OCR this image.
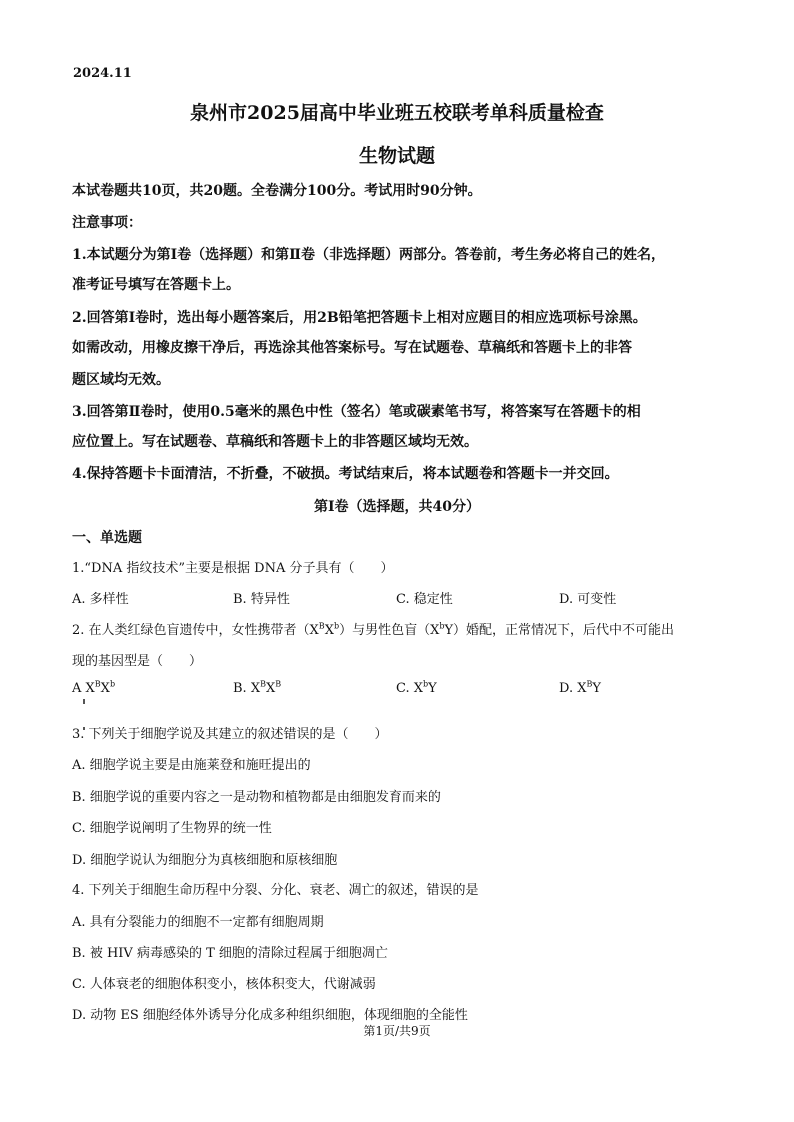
2024.11
泉州市2025届高中毕业班五校联考单科质量检查
生物试题
本试卷题共10页，共20题。全卷满分100分。考试用时90分钟。
注意事项：
1.本试题分为第Ⅰ卷（选择题）和第Ⅱ卷（非选择题）两部分。答卷前，考生务必将自己的姓名，
准考证号填写在答题卡上。
2.回答第Ⅰ卷时，选出每小题答案后，用2B铅笔把答题卡上相对应题目的相应选项标号涂黑。
如需改动，用橡皮擦干净后，再选涂其他答案标号。写在试题卷、草稿纸和答题卡上的非答
题区域均无效。
3.回答第Ⅱ卷时，使用0.5毫米的黑色中性（签名）笔或碳素笔书写，将答案写在答题卡的相
应位置上。写在试题卷、草稿纸和答题卡上的非答题区域均无效。
4.保持答题卡卡面清洁，不折叠，不破损。考试结束后，将本试题卷和答题卡一并交回。
第Ⅰ卷（选择题，共40分）
一、单选题
1.“DNA 指纹技术”主要是根据 DNA 分子具有（　　）
A. 多样性	B. 特异性	C. 稳定性	D. 可变性
2. 在人类红绿色盲遗传中，女性携带者$(X^BX^b)$与男性色盲$(X^bY)$婚配，正常情况下，后代中不可能出
现的基因型是（　　）
A $X^BX^b$	B. $X^BX^B$	C. $X^bY$	D. $X^BY$
3. 下列关于细胞学说及其建立的叙述错误的是（　　）
A. 细胞学说主要是由施莱登和施旺提出的
B. 细胞学说的重要内容之一是动物和植物都是由细胞发育而来的
C. 细胞学说阐明了生物界的统一性
D. 细胞学说认为细胞分为真核细胞和原核细胞
4. 下列关于细胞生命历程中分裂、分化、衰老、凋亡的叙述，错误的是
A. 具有分裂能力的细胞不一定都有细胞周期
B. 被 HIV 病毒感染的 T 细胞的清除过程属于细胞凋亡
C. 人体衰老的细胞体积变小，核体积变大，代谢减弱
D. 动物 ES 细胞经体外诱导分化成多种组织细胞，体现细胞的全能性
第1页/共9页
